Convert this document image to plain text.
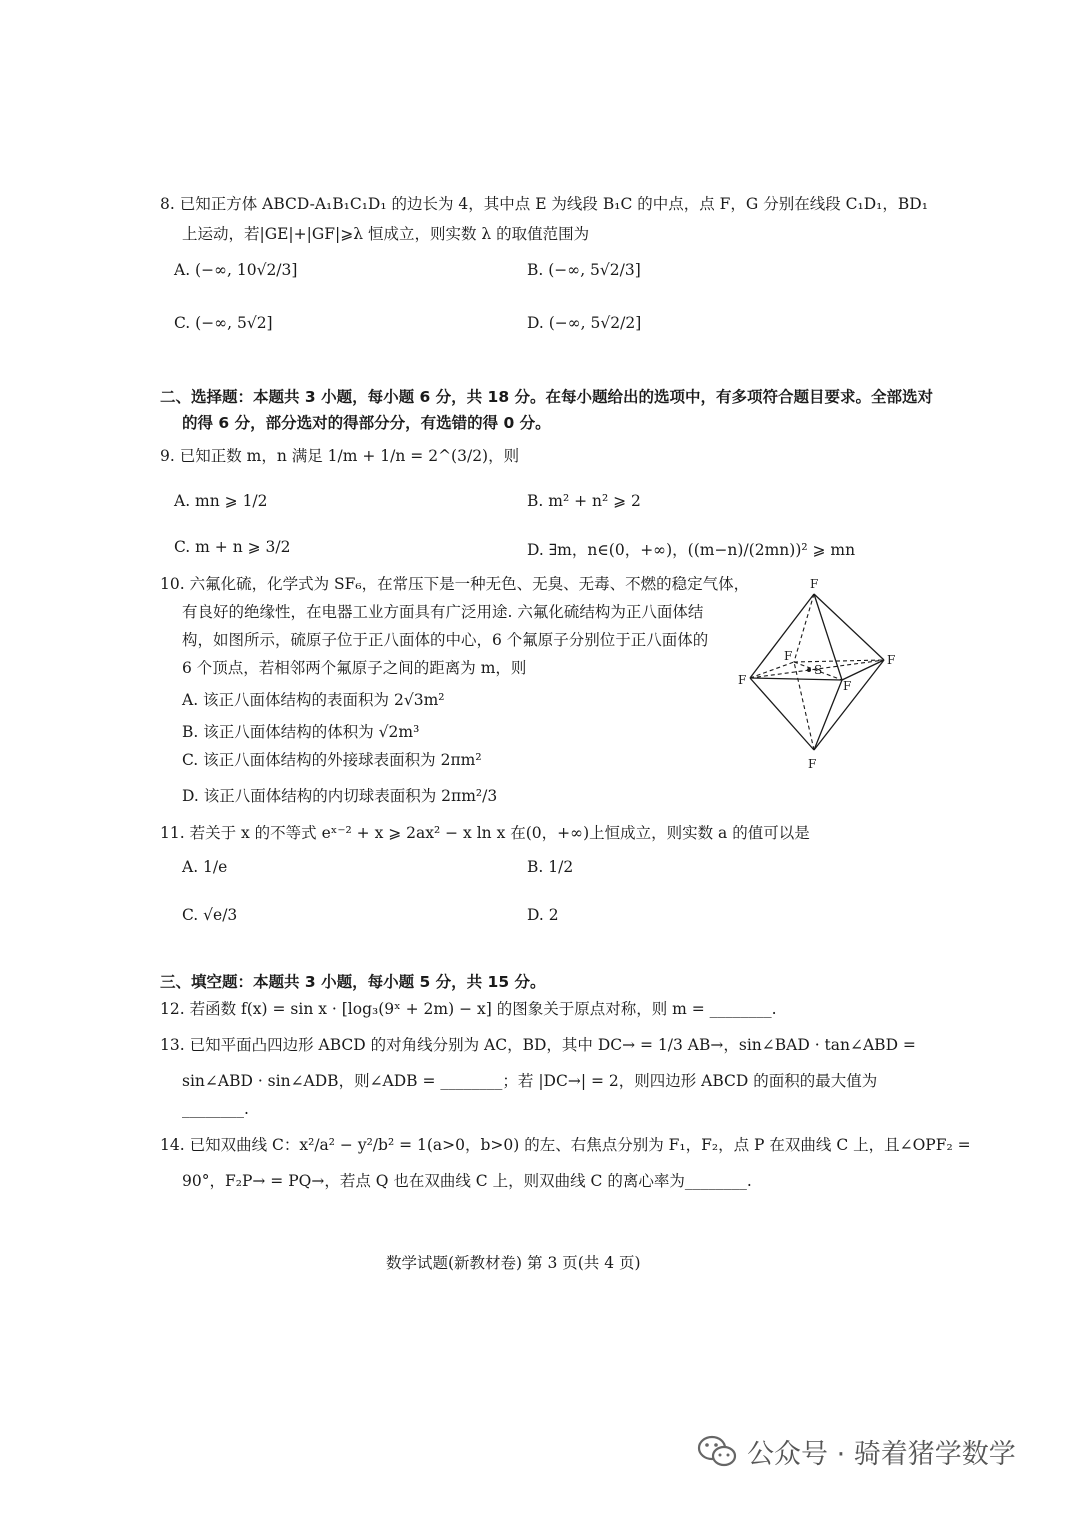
8. 已知正方体 ABCD-A₁B₁C₁D₁ 的边长为 4，其中点 E 为线段 B₁C 的中点，点 F，G 分别在线段 C₁D₁，BD₁
上运动，若|GE|+|GF|⩾λ 恒成立，则实数 λ 的取值范围为
A. (−∞, 10√2/3]	B. (−∞, 5√2/3]
C. (−∞, 5√2]	D. (−∞, 5√2/2]
二、选择题：本题共 3 小题，每小题 6 分，共 18 分。在每小题给出的选项中，有多项符合题目要求。全部选对
的得 6 分，部分选对的得部分分，有选错的得 0 分。
9. 已知正数 m，n 满足 1/m + 1/n = 2^(3/2)，则
A. mn ⩾ 1/2	B. m² + n² ⩾ 2
C. m + n ⩾ 3/2	D. ∃m，n∈(0，+∞)，((m−n)/(2mn))² ⩾ mn
10. 六氟化硫，化学式为 SF₆，在常压下是一种无色、无臭、无毒、不燃的稳定气体，
有良好的绝缘性，在电器工业方面具有广泛用途. 六氟化硫结构为正八面体结
构，如图所示，硫原子位于正八面体的中心，6 个氟原子分别位于正八面体的
6 个顶点，若相邻两个氟原子之间的距离为 m，则
A. 该正八面体结构的表面积为 2√3m²
B. 该正八面体结构的体积为 √2m³
C. 该正八面体结构的外接球表面积为 2πm²
D. 该正八面体结构的内切球表面积为 2πm²/3
F
F
F
F
F
F
S
11. 若关于 x 的不等式 eˣ⁻² + x ⩾ 2ax² − x ln x 在(0，+∞)上恒成立，则实数 a 的值可以是
A. 1/e	B. 1/2
C. √e/3	D. 2
三、填空题：本题共 3 小题，每小题 5 分，共 15 分。
12. 若函数 f(x) = sin x · [log₃(9ˣ + 2m) − x] 的图象关于原点对称，则 m = ________.
13. 已知平面凸四边形 ABCD 的对角线分别为 AC，BD，其中 DC→ = 1/3 AB→，sin∠BAD · tan∠ABD =
sin∠ABD · sin∠ADB，则∠ADB = ________；若 |DC→| = 2，则四边形 ABCD 的面积的最大值为
________.
14. 已知双曲线 C：x²/a² − y²/b² = 1(a>0，b>0) 的左、右焦点分别为 F₁，F₂，点 P 在双曲线 C 上，且∠OPF₂ =
90°，F₂P→ = PQ→，若点 Q 也在双曲线 C 上，则双曲线 C 的离心率为________.
数学试题(新教材卷) 第 3 页(共 4 页)
公众号 · 骑着猪学数学
